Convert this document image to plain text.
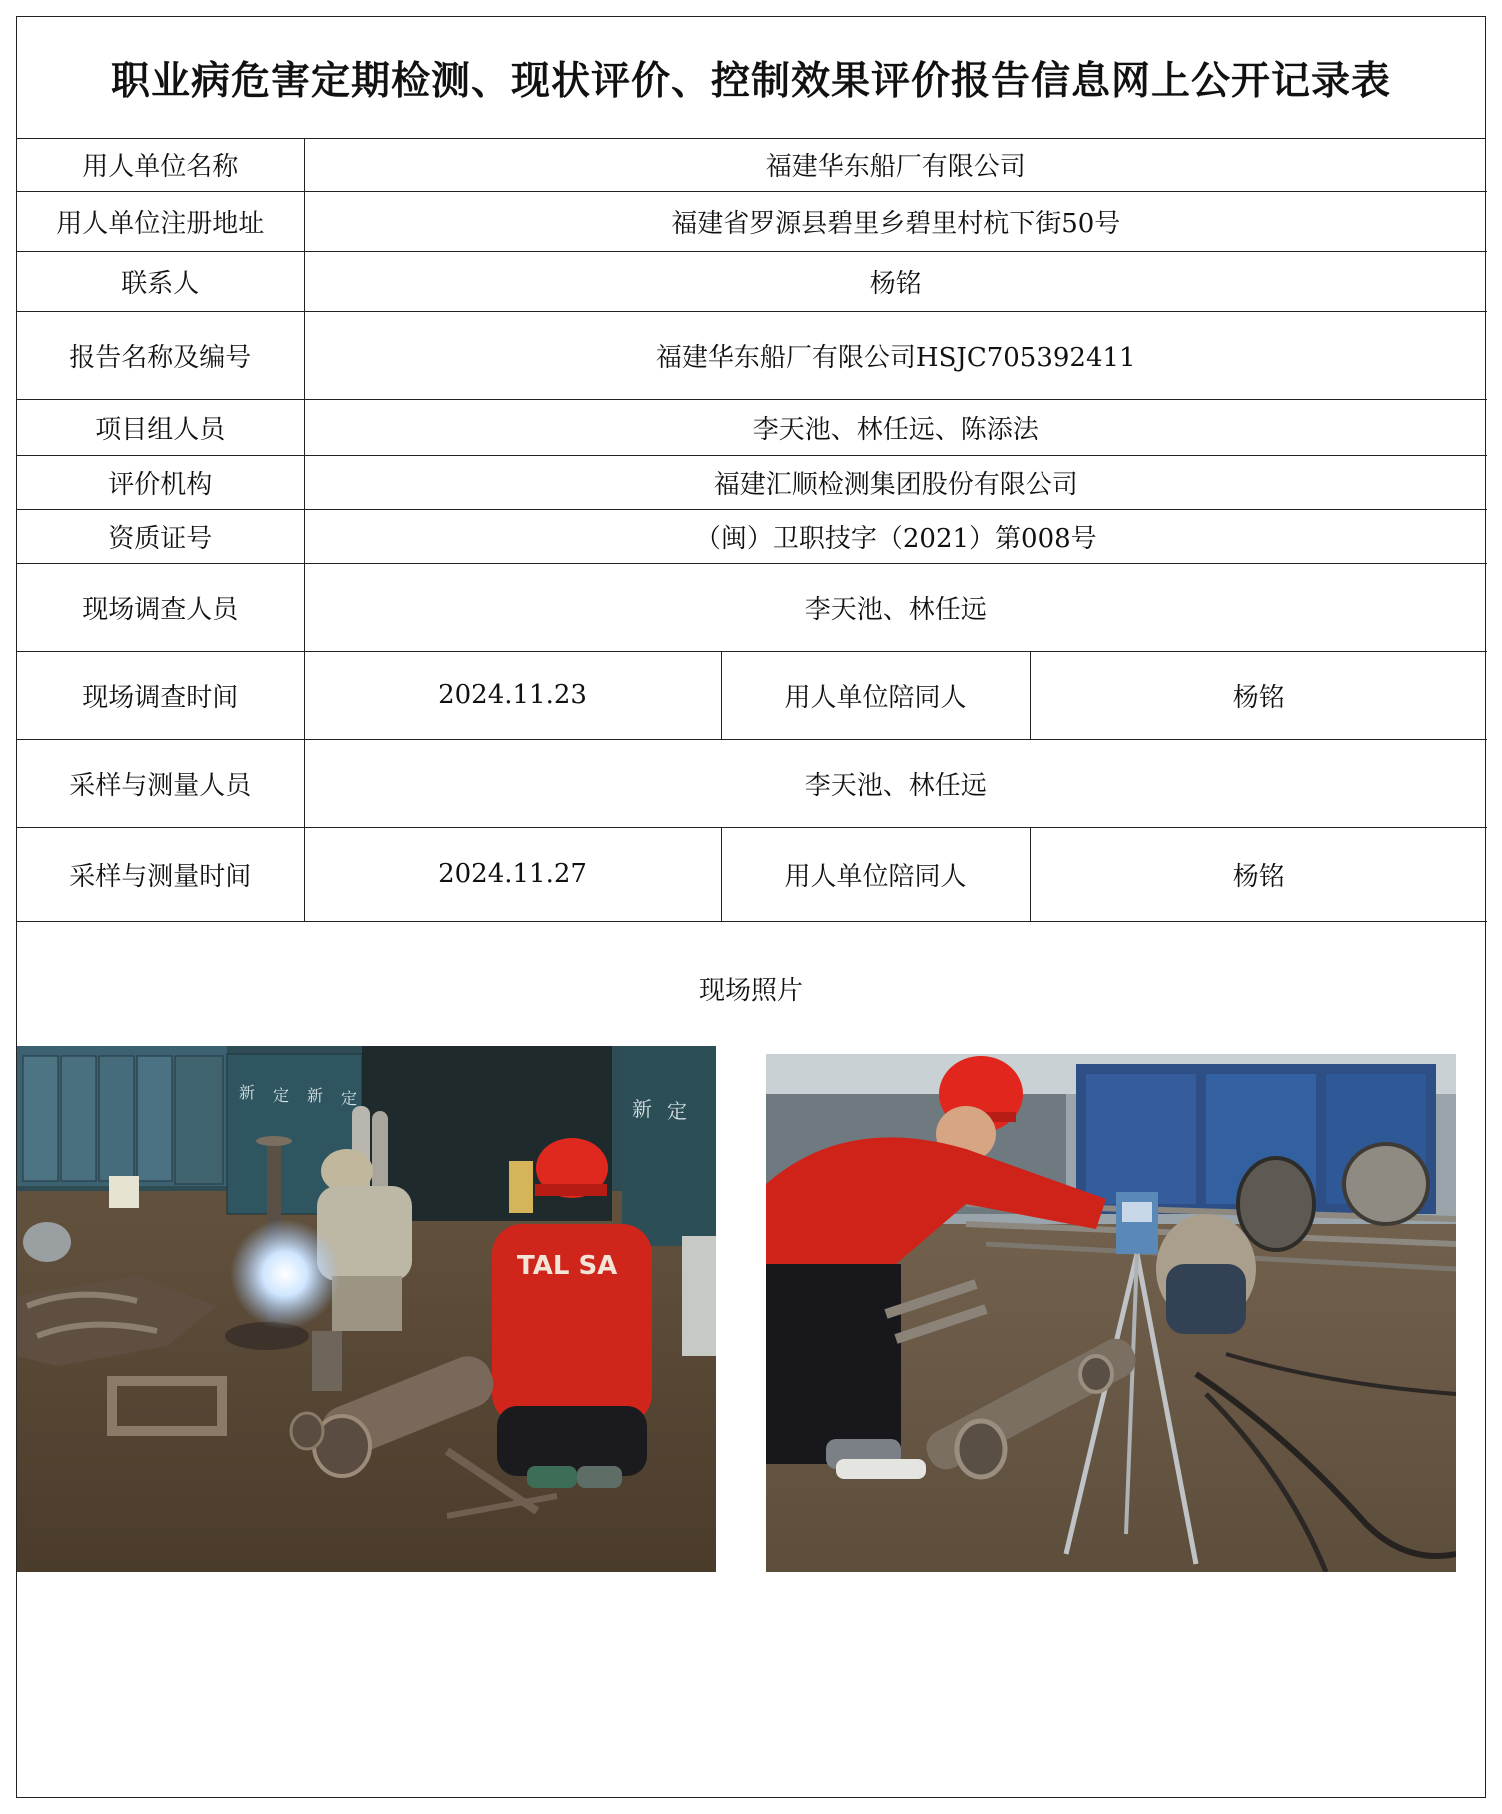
职业病危害定期检测、现状评价、控制效果评价报告信息网上公开记录表
用人单位名称	福建华东船厂有限公司		
用人单位注册地址	福建省罗源县碧里乡碧里村杭下街50号		
联系人	杨铭		
报告名称及编号	福建华东船厂有限公司HSJC705392411		
项目组人员	李天池、林任远、陈添法		
评价机构	福建汇顺检测集团股份有限公司		
资质证号	（闽）卫职技字（2021）第008号		
现场调查人员	李天池、林任远		
现场调查时间	2024.11.23	用人单位陪同人	杨铭
采样与测量人员	李天池、林任远		
采样与测量时间	2024.11.27	用人单位陪同人	杨铭
现场照片
新 定 新 定	新 定
TAL SA
